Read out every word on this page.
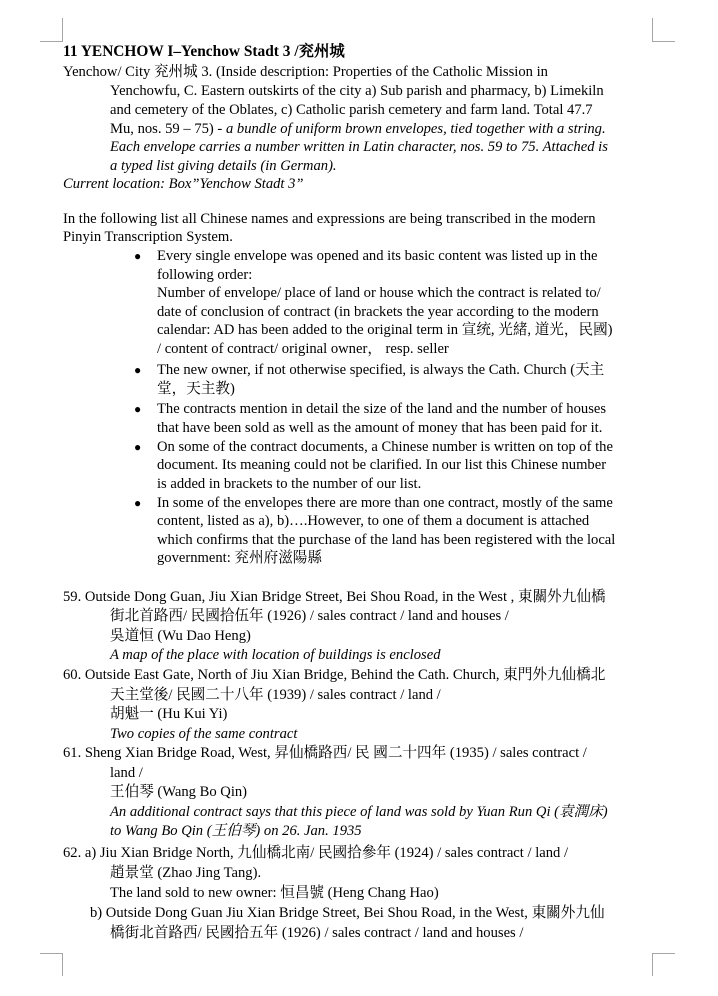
11 YENCHOW I–Yenchow Stadt 3 /兖州城
Yenchow/ City 兖州城 3. (Inside description: Properties of the Catholic Mission in
Yenchowfu, C. Eastern outskirts of the city a) Sub parish and pharmacy, b) Limekiln
and cemetery of the Oblates, c) Catholic parish cemetery and farm land. Total 47.7
Mu, nos. 59 – 75) - a bundle of uniform brown envelopes, tied together with a string.
Each envelope carries a number written in Latin character, nos. 59 to 75. Attached is
a typed list giving details (in German).
Current location: Box”Yenchow Stadt 3”
In the following list all Chinese names and expressions are being transcribed in the modern
Pinyin Transcription System.
● Every single envelope was opened and its basic content was listed up in the
following order:
Number of envelope/ place of land or house which the contract is related to/
date of conclusion of contract (in brackets the year according to the modern
calendar: AD has been added to the original term in 宣统, 光緒, 道光，民國)
/ content of contract/ original owner， resp. seller
● The new owner, if not otherwise specified, is always the Cath. Church (天主
堂，天主教)
● The contracts mention in detail the size of the land and the number of houses
that have been sold as well as the amount of money that has been paid for it.
● On some of the contract documents, a Chinese number is written on top of the
document. Its meaning could not be clarified. In our list this Chinese number
is added in brackets to the number of our list.
● In some of the envelopes there are more than one contract, mostly of the same
content, listed as a), b)….However, to one of them a document is attached
which confirms that the purchase of the land has been registered with the local
government: 兖州府滋陽縣
59. Outside Dong Guan, Jiu Xian Bridge Street, Bei Shou Road, in the West , 東關外九仙橋
街北首路西/ 民國拾伍年 (1926) / sales contract / land and houses /
吳道恒 (Wu Dao Heng)
A map of the place with location of buildings is enclosed
60. Outside East Gate, North of Jiu Xian Bridge, Behind the Cath. Church, 東門外九仙橋北
天主堂後/ 民國二十八年 (1939) / sales contract / land /
胡魁一 (Hu Kui Yi)
Two copies of the same contract
61. Sheng Xian Bridge Road, West, 昇仙橋路西/ 民 國二十四年 (1935) / sales contract /
land /
王伯琴 (Wang Bo Qin)
An additional contract says that this piece of land was sold by Yuan Run Qi (袁潤床)
to Wang Bo Qin (王伯琴) on 26. Jan. 1935
62. a) Jiu Xian Bridge North, 九仙橋北南/ 民國拾參年 (1924) / sales contract / land /
趙景堂 (Zhao Jing Tang).
The land sold to new owner: 恒昌號 (Heng Chang Hao)
b) Outside Dong Guan Jiu Xian Bridge Street, Bei Shou Road, in the West, 東關外九仙
橋街北首路西/ 民國拾五年 (1926) / sales contract / land and houses /
